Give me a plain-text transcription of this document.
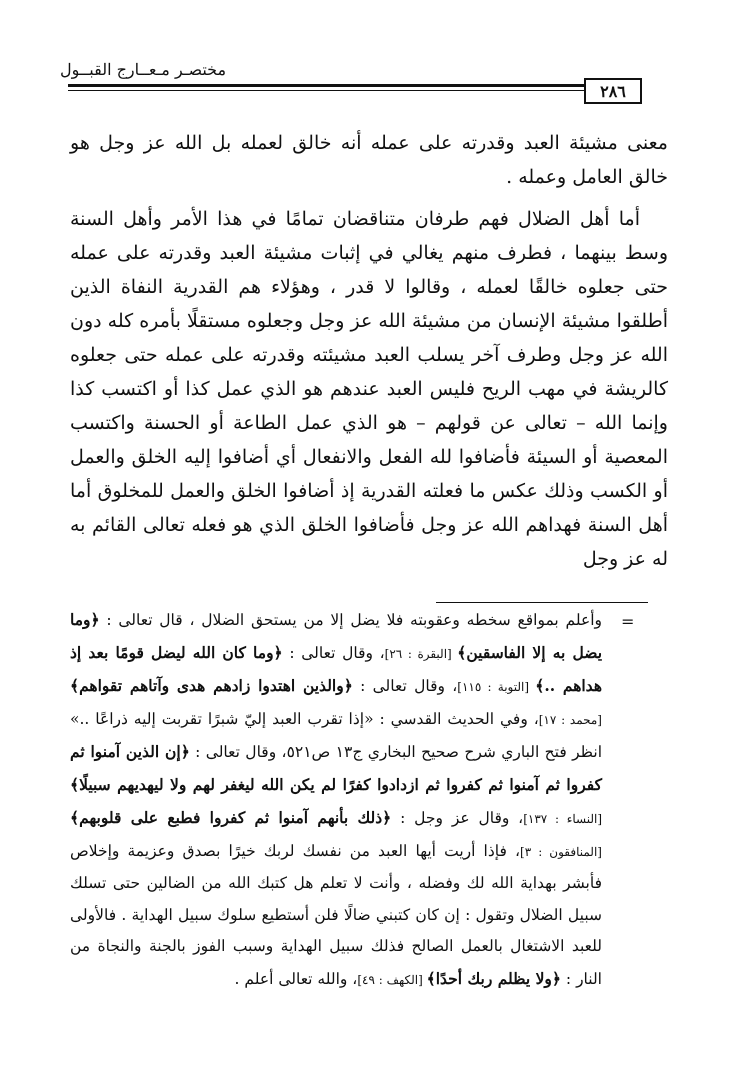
مختصـر مـعــارج القبــول
٢٨٦

معنى مشيئة العبد وقدرته على عمله أنه خالق لعمله بل الله عز وجل هو خالق العامل وعمله .

أما أهل الضلال فهم طرفان متناقضان تمامًا في هذا الأمر وأهل السنة وسط بينهما ، فطرف منهم يغالي في إثبات مشيئة العبد وقدرته على عمله حتى جعلوه خالقًا لعمله ، وقالوا لا قدر ، وهؤلاء هم القدرية النفاة الذين أطلقوا مشيئة الإنسان من مشيئة الله عز وجل وجعلوه مستقلًا بأمره كله دون الله عز وجل وطرف آخر يسلب العبد مشيئته وقدرته على عمله حتى جعلوه كالريشة في مهب الريح فليس العبد عندهم هو الذي عمل كذا أو اكتسب كذا وإنما الله – تعالى عن قولهم – هو الذي عمل الطاعة أو الحسنة واكتسب المعصية أو السيئة فأضافوا لله الفعل والانفعال أي أضافوا إليه الخلق والعمل أو الكسب وذلك عكس ما فعلته القدرية إذ أضافوا الخلق والعمل للمخلوق أما أهل السنة فهداهم الله عز وجل فأضافوا الخلق الذي هو فعله تعالى القائم به له عز وجل

=

وأعلم بمواقع سخطه وعقوبته فلا يضل إلا من يستحق الضلال ، قال تعالى : ﴿وما يضل به إلا الفاسقين﴾ [البقرة : ٢٦]، وقال تعالى : ﴿وما كان الله ليضل قومًا بعد إذ هداهم ..﴾ [التوبة : ١١٥]، وقال تعالى : ﴿والذين اهتدوا زادهم هدى وآتاهم تقواهم﴾ [محمد : ١٧]، وفي الحديث القدسي : «إذا تقرب العبد إليّ شبرًا تقربت إليه ذراعًا ..» انظر فتح الباري شرح صحيح البخاري ج١٣ ص٥٢١، وقال تعالى : ﴿إن الذين آمنوا ثم كفروا ثم آمنوا ثم كفروا ثم ازدادوا كفرًا لم يكن الله ليغفر لهم ولا ليهديهم سبيلًا﴾ [النساء : ١٣٧]، وقال عز وجل : ﴿ذلك بأنهم آمنوا ثم كفروا فطبع على قلوبهم﴾ [المنافقون : ٣]، فإذا أريت أيها العبد من نفسك لربك خيرًا بصدق وعزيمة وإخلاص فأبشر بهداية الله لك وفضله ، وأنت لا تعلم هل كتبك الله من الضالين حتى تسلك سبيل الضلال وتقول : إن كان كتبني ضالًا فلن أستطيع سلوك سبيل الهداية . فالأولى للعبد الاشتغال بالعمل الصالح فذلك سبيل الهداية وسبب الفوز بالجنة والنجاة من النار : ﴿ولا يظلم ربك أحدًا﴾ [الكهف : ٤٩]، والله تعالى أعلم .
